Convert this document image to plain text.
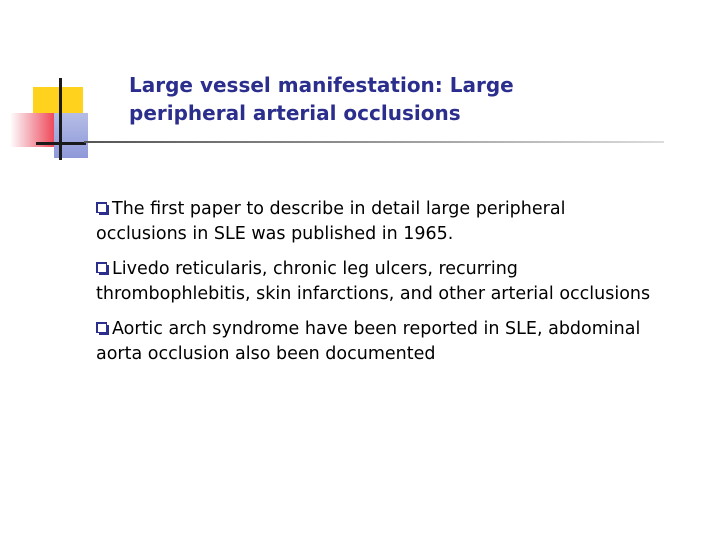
Large vessel manifestation: Large peripheral arterial occlusions
The first paper to describe in detail large peripheral occlusions in SLE was published in 1965.
Livedo reticularis, chronic leg ulcers, recurring thrombophlebitis, skin infarctions, and other arterial occlusions
Aortic arch syndrome have been reported in SLE, abdominal aorta occlusion also been documented
